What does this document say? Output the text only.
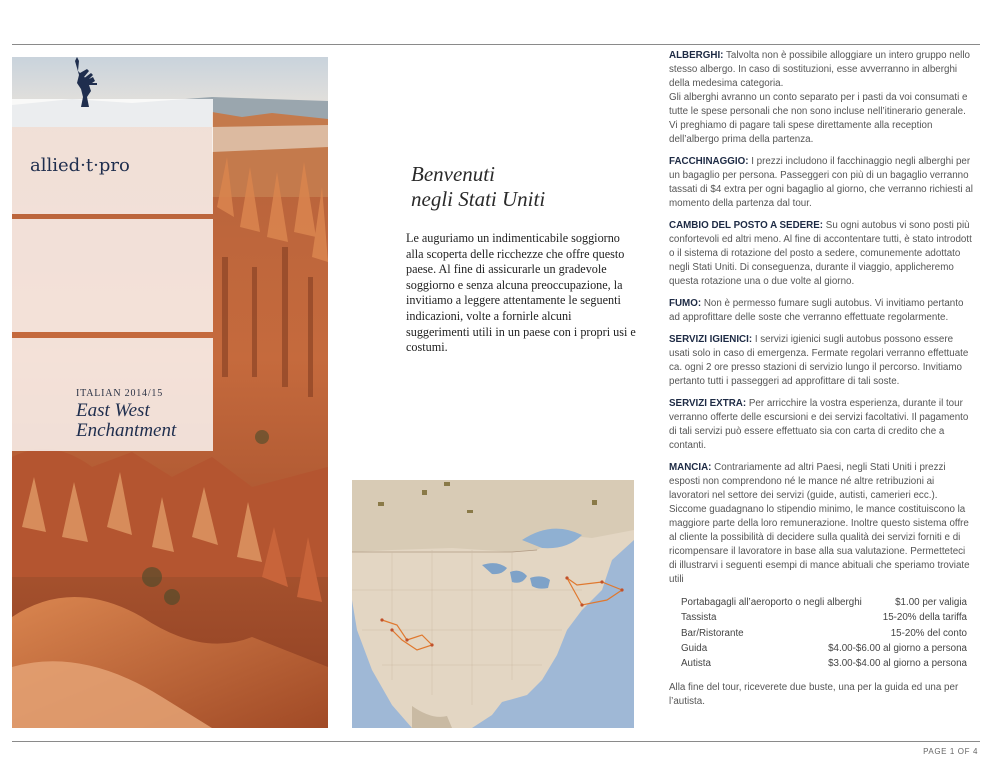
allied·t·pro
ITALIAN 2014/15
East West Enchantment
Benvenuti
negli Stati Uniti
Le auguriamo un indimenticabile soggiorno alla scoperta delle ricchezze che offre questo paese. Al fine di assicurarle un gradevole soggiorno e senza alcuna preoccupazione, la invitiamo a leggere attentamente le seguenti indicazioni, volte a fornirle alcuni suggerimenti utili in un paese con i propri usi e costumi.

ALBERGHI: Talvolta non è possibile alloggiare un intero gruppo nello stesso albergo. In caso di sostituzioni, esse avverranno in alberghi della medesima categoria.

Gli alberghi avranno un conto separato per i pasti da voi consumati e tutte le spese personali che non sono incluse nell’itinerario generale. Vi preghiamo di pagare tali spese direttamente alla reception dell’albergo prima della partenza.

FACCHINAGGIO: I prezzi includono il facchinaggio negli alberghi per un bagaglio per persona. Passeggeri con più di un bagaglio verranno tassati di $4 extra per ogni bagaglio al giorno, che verranno richiesti al momento della partenza dal tour.

CAMBIO DEL POSTO A SEDERE: Su ogni autobus vi sono posti più confortevoli ed altri meno. Al fine di accontentare tutti, è stato introdott o il sistema di rotazione del posto a sedere, comunemente adottato negli Stati Uniti. Di conseguenza, durante il viaggio, applicheremo questa rotazione una o due volte al giorno.

FUMO: Non è permesso fumare sugli autobus. Vi invitiamo pertanto ad approfittare delle soste che verranno effettuate regolarmente.

SERVIZI IGIENICI: I servizi igienici sugli autobus possono essere usati solo in caso di emergenza. Fermate regolari verranno effettuate ca. ogni 2 ore presso stazioni di servizio lungo il percorso. Invitiamo pertanto tutti i passeggeri ad approfittare di tali soste.

SERVIZI EXTRA: Per arricchire la vostra esperienza, durante il tour verranno offerte delle escursioni e dei servizi facoltativi. Il pagamento di tali servizi può essere effettuato sia con carta di credito che a contanti.

MANCIA: Contrariamente ad altri Paesi, negli Stati Uniti i prezzi esposti non comprendono né le mance né altre retribuzioni ai lavoratori nel settore dei servizi (guide, autisti, camerieri ecc.). Siccome guadagnano lo stipendio minimo, le mance costituiscono la maggiore parte della loro remunerazione. Inoltre questo sistema offre al cliente la possibilità di decidere sulla qualità dei servizi forniti e di ricompensare il lavoratore in base alla sua valutazione. Permetteteci di illustrarvi i seguenti esempi di mance abituali che speriamo troviate utili

Portabagagli all’aeroporto o negli alberghi	$1.00 per valigia
Tassista	15-20% della tariffa
Bar/Ristorante	15-20% del conto
Guida	$4.00-$6.00 al giorno a persona
Autista	$3.00-$4.00 al giorno a persona

Alla fine del tour, riceverete due buste, una per la guida ed una per l’autista.

PAGE 1 OF 4
